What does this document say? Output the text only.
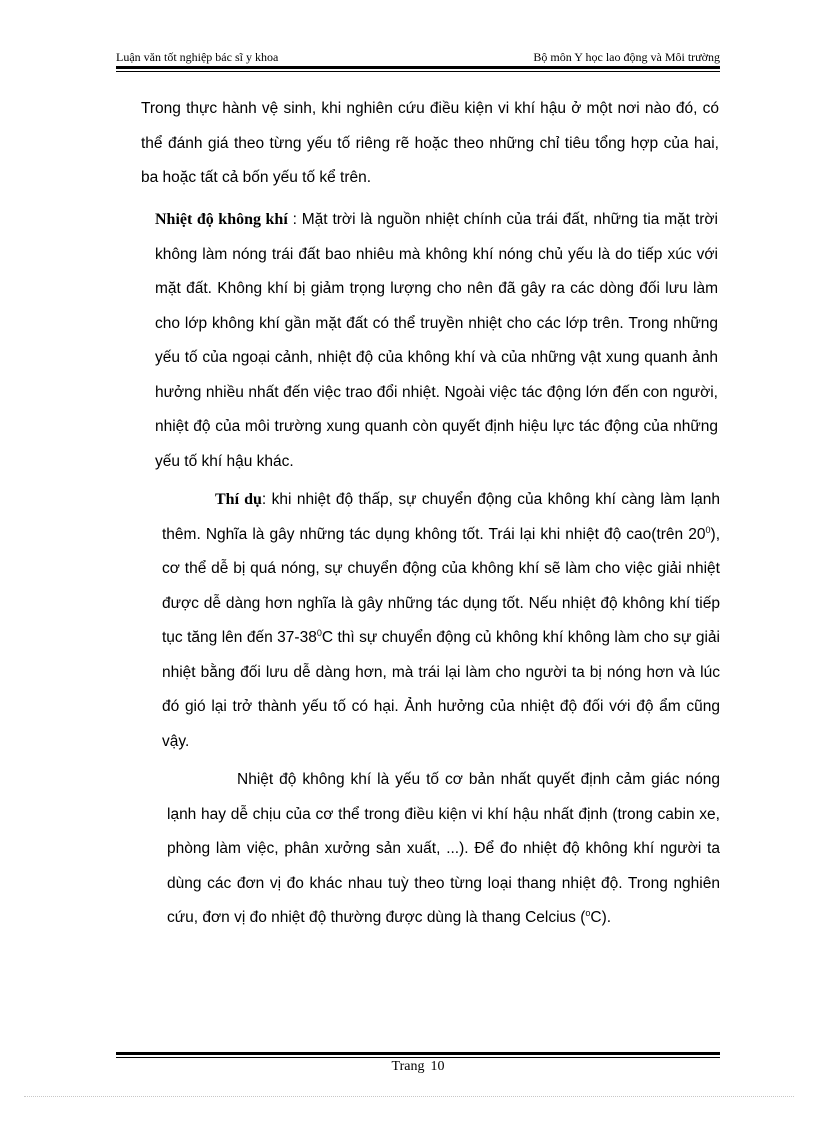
Luận văn tốt nghiệp bác sĩ y khoa	Bộ môn Y học lao động và Môi trường

Trong thực hành vệ sinh, khi nghiên cứu điều kiện vi khí hậu ở một nơi nào đó, có thể đánh giá theo từng yếu tố riêng rẽ hoặc theo những chỉ tiêu tổng hợp của hai, ba hoặc tất cả bốn yếu tố kể trên.

Nhiệt độ không khí : Mặt trời là nguồn nhiệt chính của trái đất, những tia mặt trời không làm nóng trái đất bao nhiêu mà không khí nóng chủ yếu là do tiếp xúc với mặt đất. Không khí bị giảm trọng lượng cho nên đã gây ra các dòng đối lưu làm cho lớp không khí gần mặt đất có thể truyền nhiệt cho các lớp trên. Trong những yếu tố của ngoại cảnh, nhiệt độ của không khí và của những vật xung quanh ảnh hưởng nhiều nhất đến việc trao đổi nhiệt. Ngoài việc tác động lớn đến con người, nhiệt độ của môi trường xung quanh còn quyết định hiệu lực tác động của những yếu tố khí hậu khác.

Thí dụ: khi nhiệt độ thấp, sự chuyển động của không khí càng làm lạnh thêm. Nghĩa là gây những tác dụng không tốt. Trái lại khi nhiệt độ cao(trên $20^0$), cơ thể dễ bị quá nóng, sự chuyển động của không khí sẽ làm cho việc giải nhiệt được dễ dàng hơn nghĩa là gây những tác dụng tốt. Nếu nhiệt độ không khí tiếp tục tăng lên đến $37-38^0C$ thì sự chuyển động củ không khí không làm cho sự giải nhiệt bằng đối lưu dễ dàng hơn, mà trái lại làm cho người ta bị nóng hơn và lúc đó gió lại trở thành yếu tố có hại. Ảnh hưởng của nhiệt độ đối với độ ẩm cũng vậy.

Nhiệt độ không khí là yếu tố cơ bản nhất quyết định cảm giác nóng lạnh hay dễ chịu của cơ thể trong điều kiện vi khí hậu nhất định (trong cabin xe, phòng làm việc, phân xưởng sản xuất, ...). Để đo nhiệt độ không khí người ta dùng các đơn vị đo khác nhau tuỳ theo từng loại thang nhiệt độ. Trong nghiên cứu, đơn vị đo nhiệt độ thường được dùng là thang Celcius ($^o$C).

Trang 10
